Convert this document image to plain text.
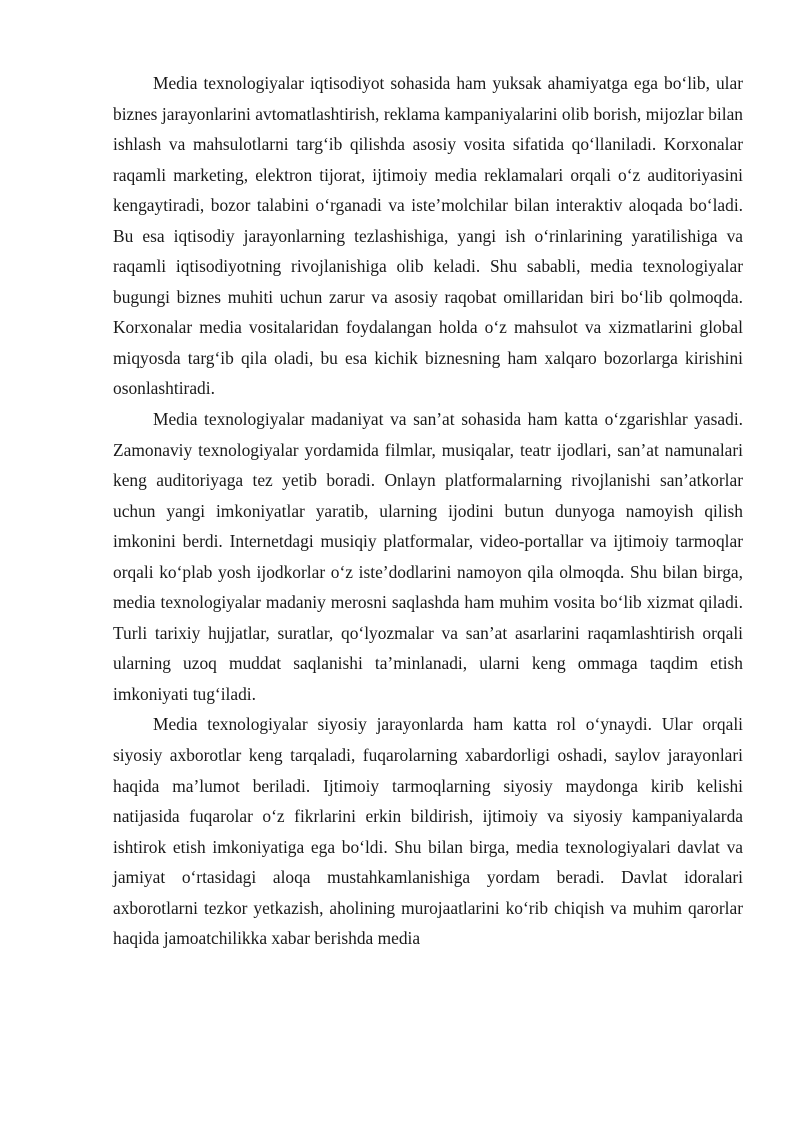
Media texnologiyalar iqtisodiyot sohasida ham yuksak ahamiyatga ega bo‘lib, ular biznes jarayonlarini avtomatlashtirish, reklama kampaniyalarini olib borish, mijozlar bilan ishlash va mahsulotlarni targ‘ib qilishda asosiy vosita sifatida qo‘llaniladi. Korxonalar raqamli marketing, elektron tijorat, ijtimoiy media reklamalari orqali o‘z auditoriyasini kengaytiradi, bozor talabini o‘rganadi va iste’molchilar bilan interaktiv aloqada bo‘ladi. Bu esa iqtisodiy jarayonlarning tezlashishiga, yangi ish o‘rinlarining yaratilishiga va raqamli iqtisodiyotning rivojlanishiga olib keladi. Shu sababli, media texnologiyalar bugungi biznes muhiti uchun zarur va asosiy raqobat omillaridan biri bo‘lib qolmoqda. Korxonalar media vositalaridan foydalangan holda o‘z mahsulot va xizmatlarini global miqyosda targ‘ib qila oladi, bu esa kichik biznesning ham xalqaro bozorlarga kirishini osonlashtiradi.

Media texnologiyalar madaniyat va san’at sohasida ham katta o‘zgarishlar yasadi. Zamonaviy texnologiyalar yordamida filmlar, musiqalar, teatr ijodlari, san’at namunalari keng auditoriyaga tez yetib boradi. Onlayn platformalarning rivojlanishi san’atkorlar uchun yangi imkoniyatlar yaratib, ularning ijodini butun dunyoga namoyish qilish imkonini berdi. Internetdagi musiqiy platformalar, video-portallar va ijtimoiy tarmoqlar orqali ko‘plab yosh ijodkorlar o‘z iste’dodlarini namoyon qila olmoqda. Shu bilan birga, media texnologiyalar madaniy merosni saqlashda ham muhim vosita bo‘lib xizmat qiladi. Turli tarixiy hujjatlar, suratlar, qo‘lyozmalar va san’at asarlarini raqamlashtirish orqali ularning uzoq muddat saqlanishi ta’minlanadi, ularni keng ommaga taqdim etish imkoniyati tug‘iladi.

Media texnologiyalar siyosiy jarayonlarda ham katta rol o‘ynaydi. Ular orqali siyosiy axborotlar keng tarqaladi, fuqarolarning xabardorligi oshadi, saylov jarayonlari haqida ma’lumot beriladi. Ijtimoiy tarmoqlarning siyosiy maydonga kirib kelishi natijasida fuqarolar o‘z fikrlarini erkin bildirish, ijtimoiy va siyosiy kampaniyalarda ishtirok etish imkoniyatiga ega bo‘ldi. Shu bilan birga, media texnologiyalari davlat va jamiyat o‘rtasidagi aloqa mustahkamlanishiga yordam beradi. Davlat idoralari axborotlarni tezkor yetkazish, aholining murojaatlarini ko‘rib chiqish va muhim qarorlar haqida jamoatchilikka xabar berishda media
